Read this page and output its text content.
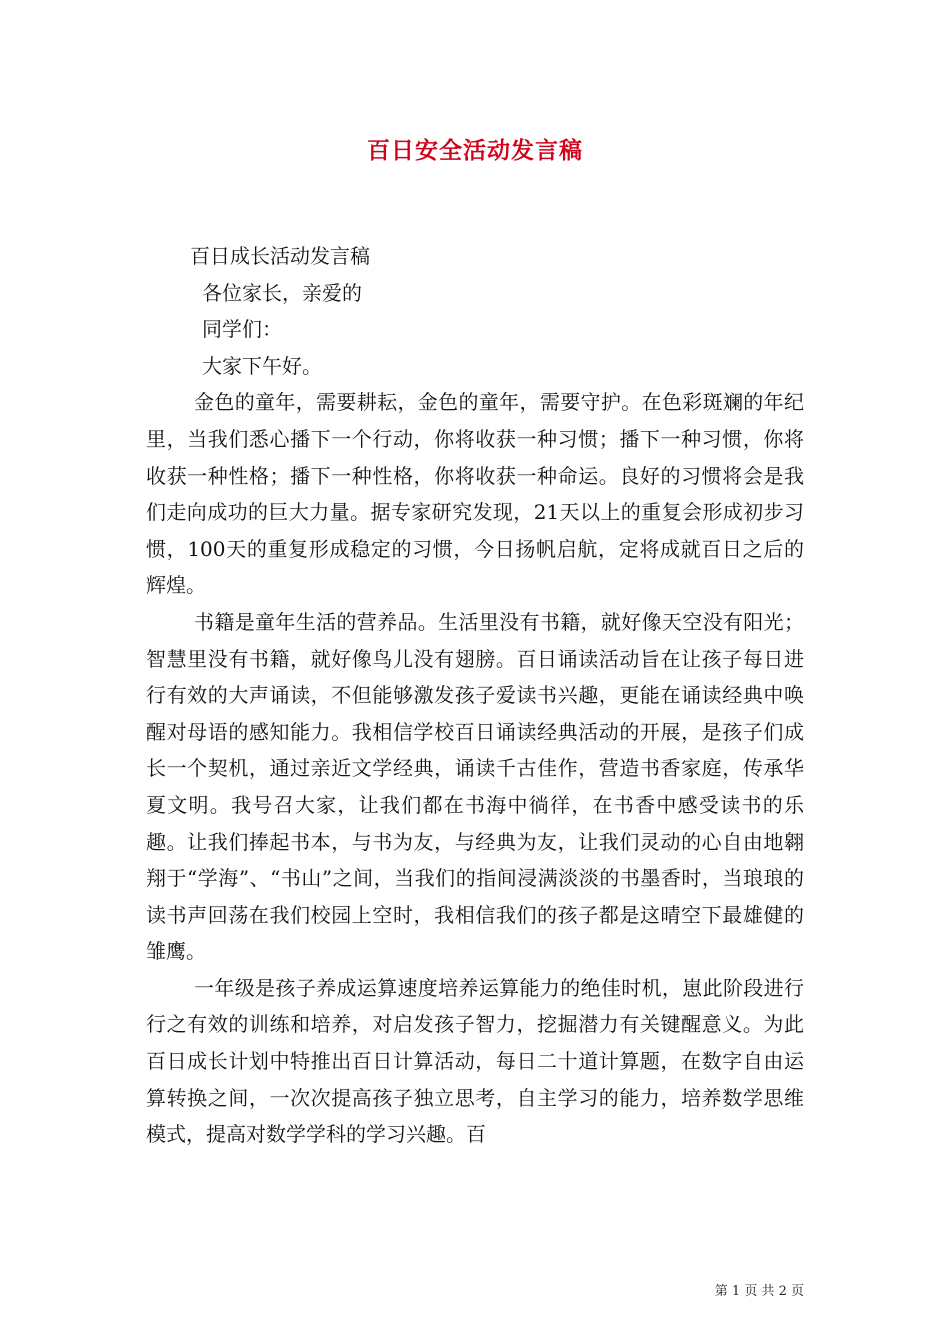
百日安全活动发言稿
百日成长活动发言稿
各位家长，亲爱的
同学们：
大家下午好。

金色的童年，需要耕耘，金色的童年，需要守护。在色彩斑斓的年纪里，当我们悉心播下一个行动，你将收获一种习惯；播下一种习惯，你将收获一种性格；播下一种性格，你将收获一种命运。良好的习惯将会是我们走向成功的巨大力量。据专家研究发现，21天以上的重复会形成初步习惯，100天的重复形成稳定的习惯，今日扬帆启航，定将成就百日之后的辉煌。

书籍是童年生活的营养品。生活里没有书籍，就好像天空没有阳光；智慧里没有书籍，就好像鸟儿没有翅膀。百日诵读活动旨在让孩子每日进行有效的大声诵读，不但能够激发孩子爱读书兴趣，更能在诵读经典中唤醒对母语的感知能力。我相信学校百日诵读经典活动的开展，是孩子们成长一个契机，通过亲近文学经典，诵读千古佳作，营造书香家庭，传承华夏文明。我号召大家，让我们都在书海中徜徉，在书香中感受读书的乐趣。让我们捧起书本，与书为友，与经典为友，让我们灵动的心自由地翱翔于“学海”、“书山”之间，当我们的指间浸满淡淡的书墨香时，当琅琅的读书声回荡在我们校园上空时，我相信我们的孩子都是这晴空下最雄健的雏鹰。

一年级是孩子养成运算速度培养运算能力的绝佳时机，崽此阶段进行行之有效的训练和培养，对启发孩子智力，挖掘潜力有关键醒意义。为此百日成长计划中特推出百日计算活动，每日二十道计算题，在数字自由运算转换之间，一次次提高孩子独立思考，自主学习的能力，培养数学思维模式，提高对数学学科的学习兴趣。百

第 1 页 共 2 页
